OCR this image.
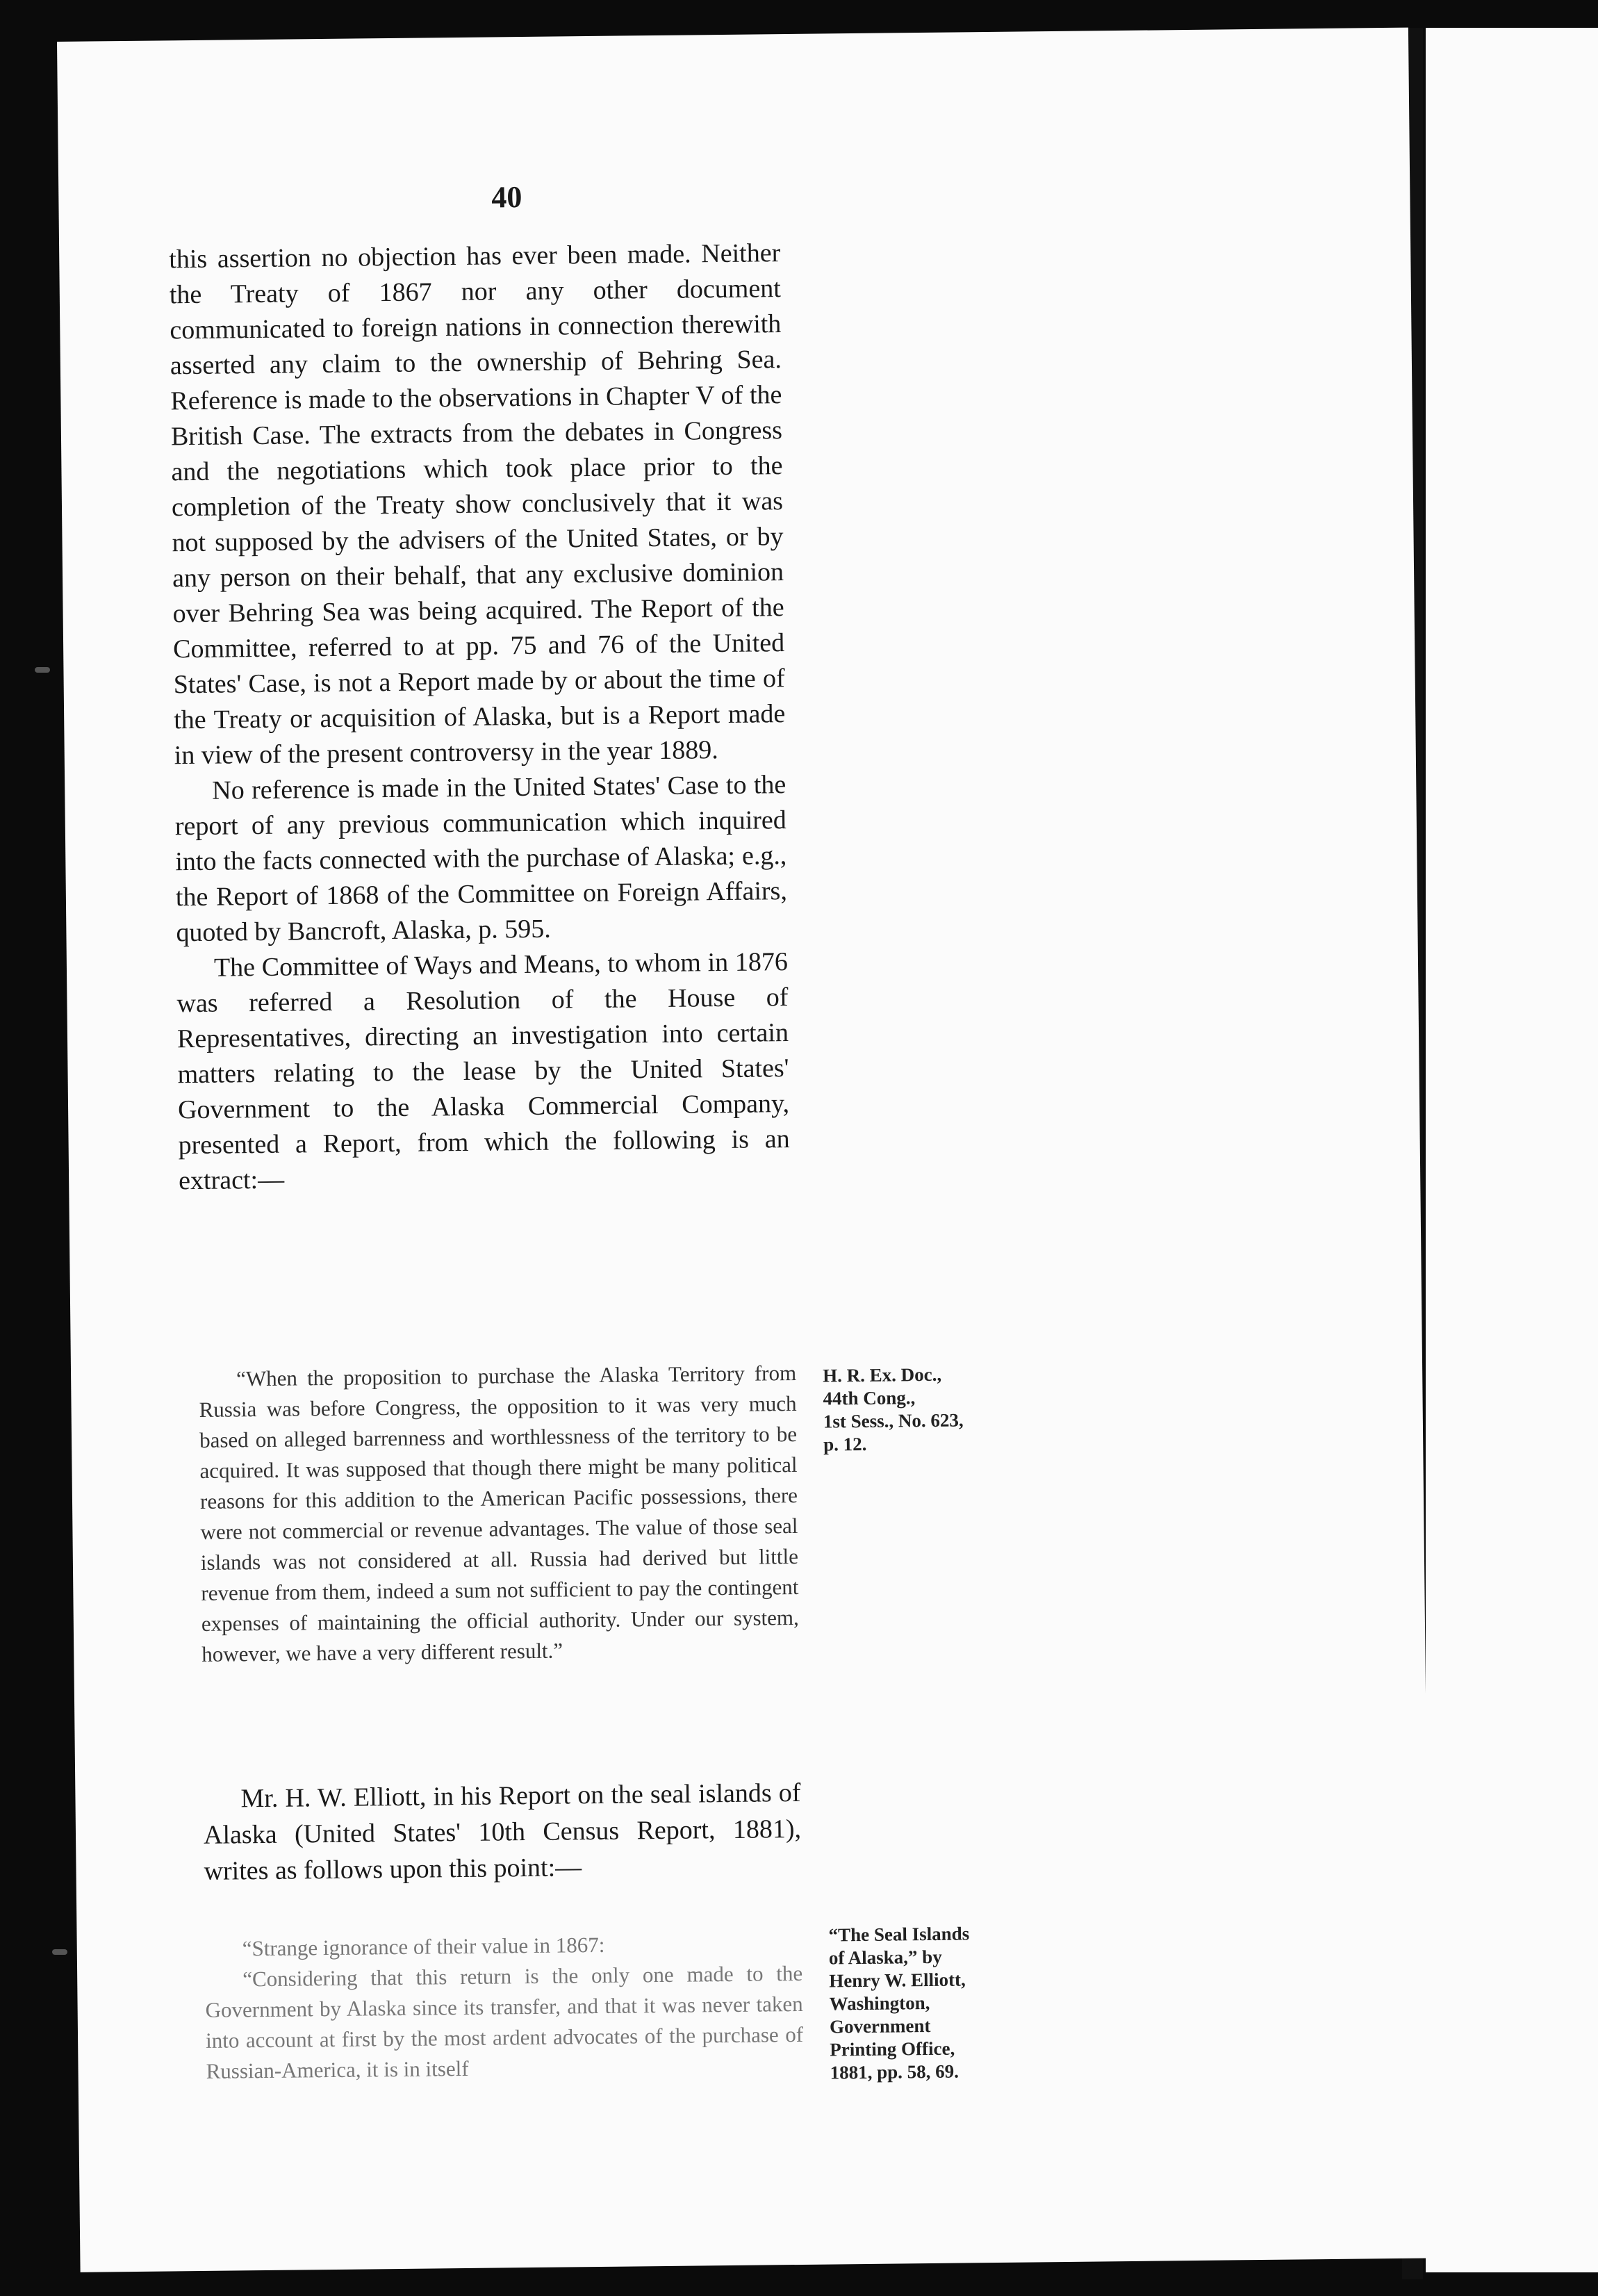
40

this assertion no objection has ever been made. Neither the Treaty of 1867 nor any other document communicated to foreign nations in connection therewith asserted any claim to the ownership of Behring Sea. Reference is made to the observations in Chapter V of the British Case. The extracts from the debates in Congress and the negotiations which took place prior to the completion of the Treaty show conclusively that it was not supposed by the advisers of the United States, or by any person on their behalf, that any exclusive dominion over Behring Sea was being acquired. The Report of the Committee, referred to at pp. 75 and 76 of the United States' Case, is not a Report made by or about the time of the Treaty or acquisition of Alaska, but is a Report made in view of the present controversy in the year 1889.

No reference is made in the United States' Case to the report of any previous communication which inquired into the facts connected with the purchase of Alaska; e.g., the Report of 1868 of the Committee on Foreign Affairs, quoted by Bancroft, Alaska, p. 595.

The Committee of Ways and Means, to whom in 1876 was referred a Resolution of the House of Representatives, directing an investigation into certain matters relating to the lease by the United States' Government to the Alaska Commercial Company, presented a Report, from which the following is an extract:—

“When the proposition to purchase the Alaska Territory from Russia was before Congress, the opposition to it was very much based on alleged barrenness and worthlessness of the territory to be acquired. It was supposed that though there might be many political reasons for this addition to the American Pacific possessions, there were not commercial or revenue advantages. The value of those seal islands was not considered at all. Russia had derived but little revenue from them, indeed a sum not sufficient to pay the contingent expenses of maintaining the official authority. Under our system, however, we have a very different result.”

H. R. Ex. Doc.,
44th Cong.,
1st Sess., No. 623,
p. 12.

Mr. H. W. Elliott, in his Report on the seal islands of Alaska (United States' 10th Census Report, 1881), writes as follows upon this point:—

“Strange ignorance of their value in 1867:

“Considering that this return is the only one made to the Government by Alaska since its transfer, and that it was never taken into account at first by the most ardent advocates of the purchase of Russian-America, it is in itself

“The Seal Islands
of Alaska,” by
Henry W. Elliott,
Washington,
Government
Printing Office,
1881, pp. 58, 69.
